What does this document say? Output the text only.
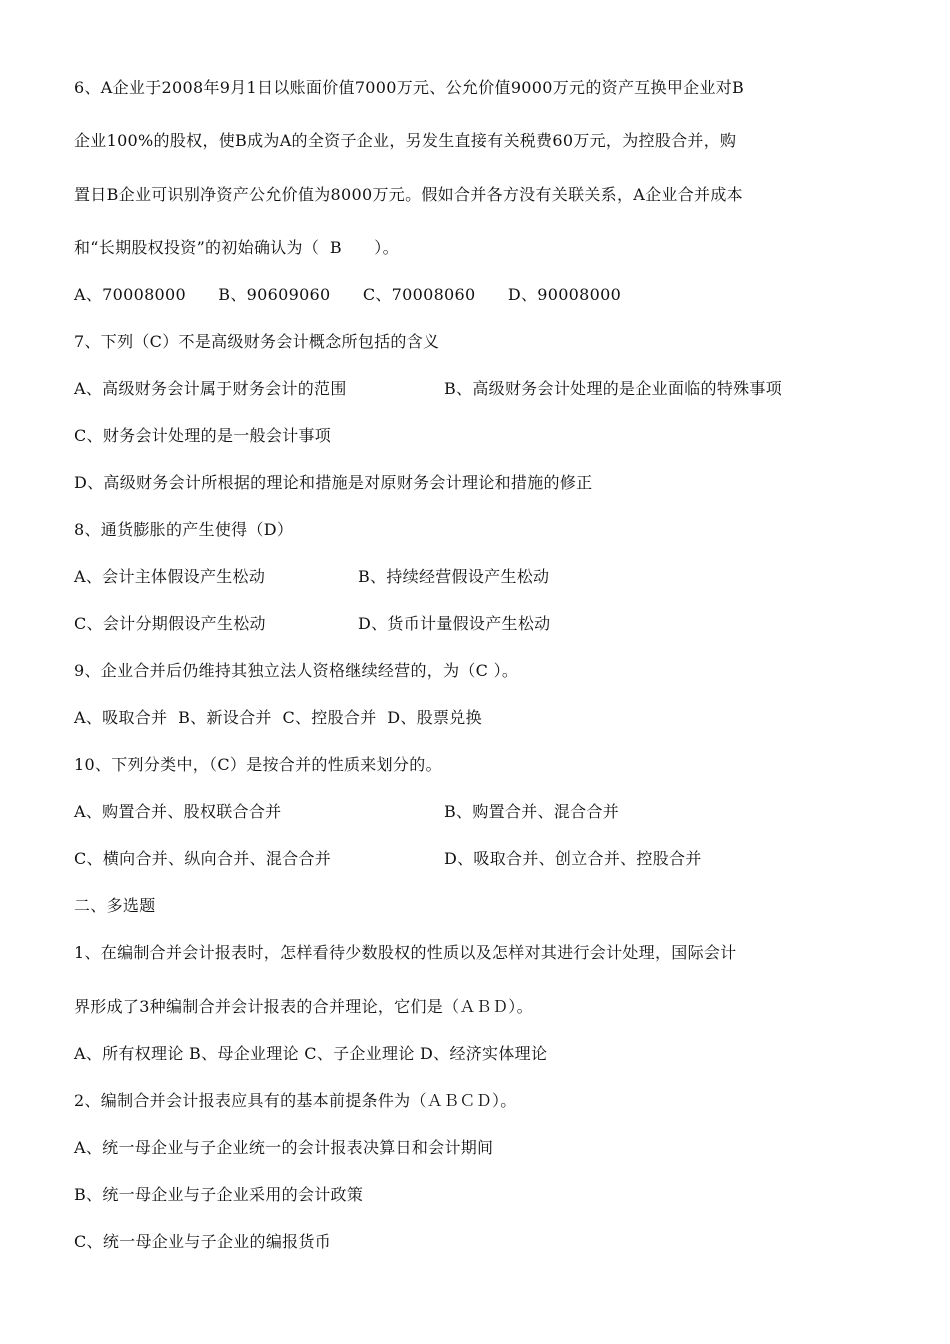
6、A企业于2008年9月1日以账面价值7000万元、公允价值9000万元的资产互换甲企业对B
企业100%的股权，使B成为A的全资子企业，另发生直接有关税费60万元，为控股合并，购
置日B企业可识别净资产公允价值为8000万元。假如合并各方没有关联关系，A企业合并成本
和“长期股权投资”的初始确认为（  B      ）。
A、70008000      B、90609060      C、70008060      D、90008000
7、下列（C）不是高级财务会计概念所包括的含义
A、高级财务会计属于财务会计的范围	B、高级财务会计处理的是企业面临的特殊事项
C、财务会计处理的是一般会计事项
D、高级财务会计所根据的理论和措施是对原财务会计理论和措施的修正
8、通货膨胀的产生使得（D）
A、会计主体假设产生松动	B、持续经营假设产生松动
C、会计分期假设产生松动	D、货币计量假设产生松动
9、企业合并后仍维持其独立法人资格继续经营的，为（C ）。
A、吸取合并  B、新设合并  C、控股合并  D、股票兑换
10、下列分类中，（C）是按合并的性质来划分的。
A、购置合并、股权联合合并	B、购置合并、混合合并
C、横向合并、纵向合并、混合合并	D、吸取合并、创立合并、控股合并
二、多选题
1、在编制合并会计报表时，怎样看待少数股权的性质以及怎样对其进行会计处理，国际会计
界形成了3种编制合并会计报表的合并理论，它们是（ＡＢＤ）。
A、所有权理论 B、母企业理论 C、子企业理论 D、经济实体理论
2、编制合并会计报表应具有的基本前提条件为（ＡＢＣＤ）。
A、统一母企业与子企业统一的会计报表决算日和会计期间
B、统一母企业与子企业采用的会计政策
C、统一母企业与子企业的编报货币
